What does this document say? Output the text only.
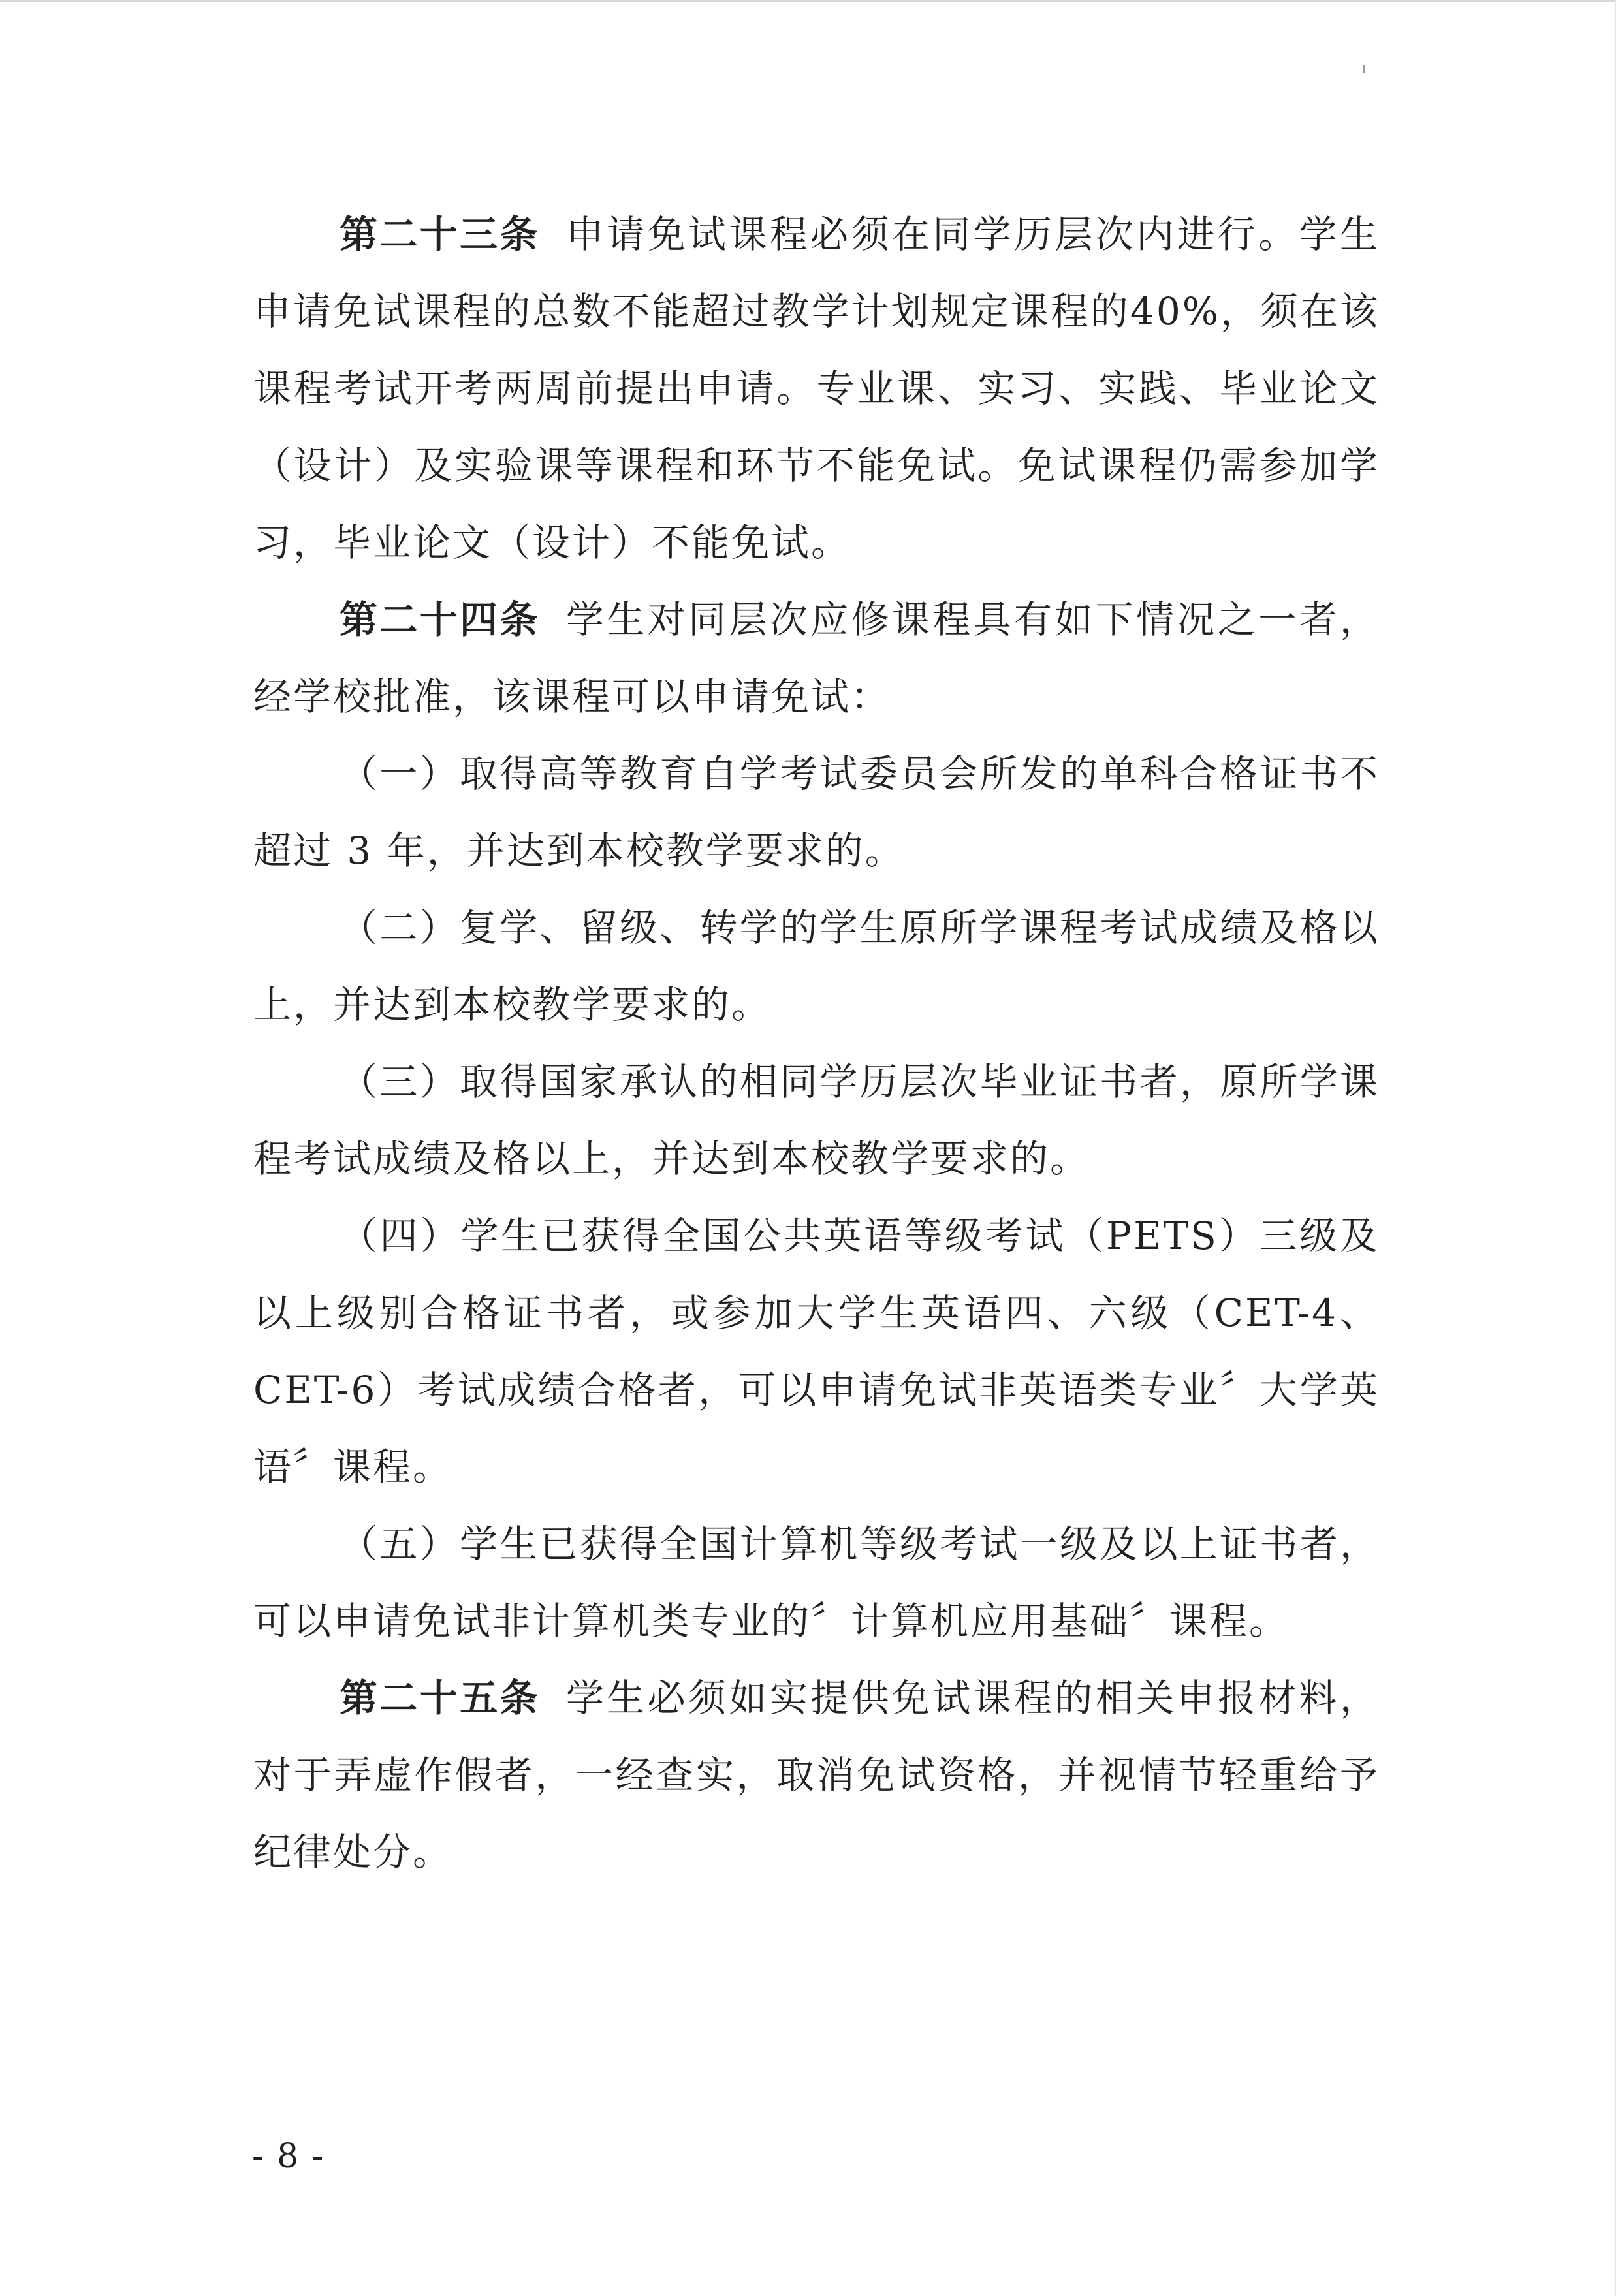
第二十三条 申请免试课程必须在同学历层次内进行。学生申请免试课程的总数不能超过教学计划规定课程的40%，须在该课程考试开考两周前提出申请。专业课、实习、实践、毕业论文（设计）及实验课等课程和环节不能免试。免试课程仍需参加学习，毕业论文（设计）不能免试。

第二十四条 学生对同层次应修课程具有如下情况之一者，经学校批准，该课程可以申请免试：

（一）取得高等教育自学考试委员会所发的单科合格证书不超过 3 年，并达到本校教学要求的。

（二）复学、留级、转学的学生原所学课程考试成绩及格以上，并达到本校教学要求的。

（三）取得国家承认的相同学历层次毕业证书者，原所学课程考试成绩及格以上，并达到本校教学要求的。

（四）学生已获得全国公共英语等级考试（PETS）三级及以上级别合格证书者，或参加大学生英语四、六级（CET-4、CET-6）考试成绩合格者，可以申请免试非英语类专业〞大学英语〞课程。

（五）学生已获得全国计算机等级考试一级及以上证书者，可以申请免试非计算机类专业的〞计算机应用基础〞课程。

第二十五条 学生必须如实提供免试课程的相关申报材料，对于弄虚作假者，一经查实，取消免试资格，并视情节轻重给予纪律处分。

- 8 -
